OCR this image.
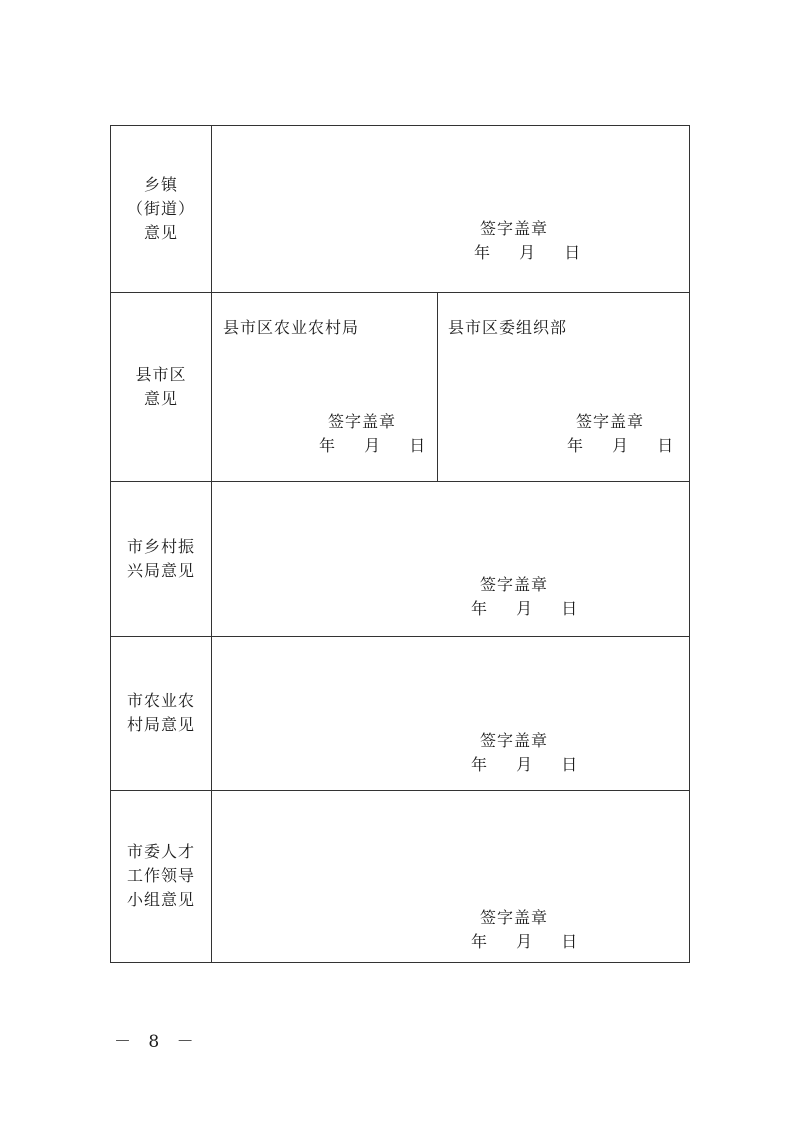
乡镇
（街道）
意见	签字盖章
年 月 日
县市区
意见
县市区农业农村局
签字盖章
年 月 日
县市区委组织部
签字盖章
年 月 日
市乡村振
兴局意见
签字盖章
年 月 日
市农业农
村局意见
签字盖章
年 月 日
市委人才
工作领导
小组意见
签字盖章
年 月 日
－ 8 －
